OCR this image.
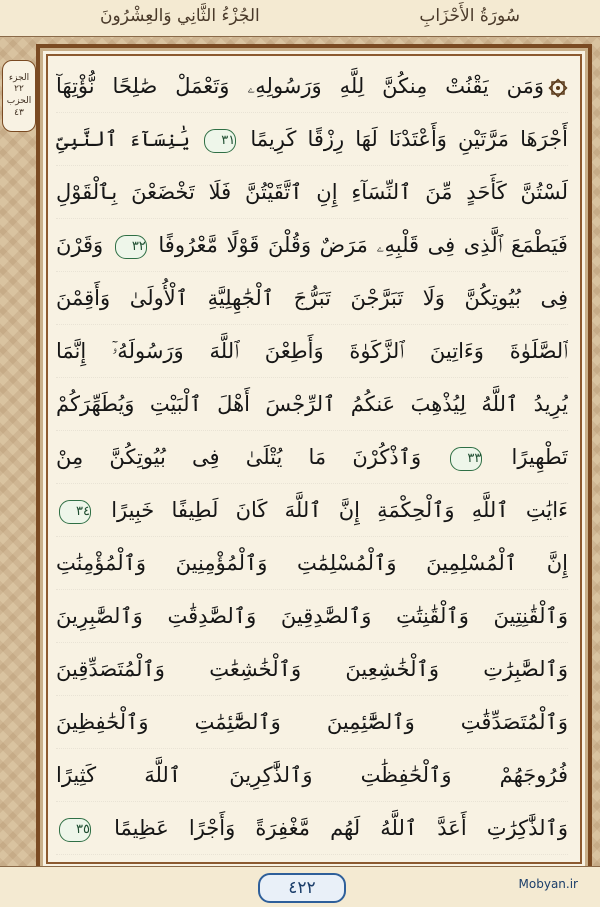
سُورَةُ الأَحْزَابِ
الجُزْءُ الثَّانِي وَالعِشْرُونَ
الجزء ٢٢
الحزب ٤٣
وَمَن يَقْنُتْ مِنكُنَّ لِلَّهِ وَرَسُولِهِۦ وَتَعْمَلْ صَٰلِحًا نُّؤْتِهَآ
أَجْرَهَا مَرَّتَيْنِ وَأَعْتَدْنَا لَهَا رِزْقًا كَرِيمًا ٣١ يَٰنِسَآءَ ٱلنَّبِىِّ
لَسْتُنَّ كَأَحَدٍ مِّنَ ٱلنِّسَآءِ إِنِ ٱتَّقَيْتُنَّ فَلَا تَخْضَعْنَ بِٱلْقَوْلِ
فَيَطْمَعَ ٱلَّذِى فِى قَلْبِهِۦ مَرَضٌ وَقُلْنَ قَوْلًا مَّعْرُوفًا ٣٢ وَقَرْنَ
فِى بُيُوتِكُنَّ وَلَا تَبَرَّجْنَ تَبَرُّجَ ٱلْجَٰهِلِيَّةِ ٱلْأُولَىٰ وَأَقِمْنَ
ٱلصَّلَوٰةَ وَءَاتِينَ ٱلزَّكَوٰةَ وَأَطِعْنَ ٱللَّهَ وَرَسُولَهُۥٓ إِنَّمَا
يُرِيدُ ٱللَّهُ لِيُذْهِبَ عَنكُمُ ٱلرِّجْسَ أَهْلَ ٱلْبَيْتِ وَيُطَهِّرَكُمْ
تَطْهِيرًا ٣٣ وَٱذْكُرْنَ مَا يُتْلَىٰ فِى بُيُوتِكُنَّ مِنْ
ءَايَٰتِ ٱللَّهِ وَٱلْحِكْمَةِ إِنَّ ٱللَّهَ كَانَ لَطِيفًا خَبِيرًا ٣٤
إِنَّ ٱلْمُسْلِمِينَ وَٱلْمُسْلِمَٰتِ وَٱلْمُؤْمِنِينَ وَٱلْمُؤْمِنَٰتِ
وَٱلْقَٰنِتِينَ وَٱلْقَٰنِتَٰتِ وَٱلصَّٰدِقِينَ وَٱلصَّٰدِقَٰتِ وَٱلصَّٰبِرِينَ
وَٱلصَّٰبِرَٰتِ وَٱلْخَٰشِعِينَ وَٱلْخَٰشِعَٰتِ وَٱلْمُتَصَدِّقِينَ
وَٱلْمُتَصَدِّقَٰتِ وَٱلصَّٰٓئِمِينَ وَٱلصَّٰٓئِمَٰتِ وَٱلْحَٰفِظِينَ
فُرُوجَهُمْ وَٱلْحَٰفِظَٰتِ وَٱلذَّٰكِرِينَ ٱللَّهَ كَثِيرًا
وَٱلذَّٰكِرَٰتِ أَعَدَّ ٱللَّهُ لَهُم مَّغْفِرَةً وَأَجْرًا عَظِيمًا ٣٥
٤٢٢	Mobyan.ir
